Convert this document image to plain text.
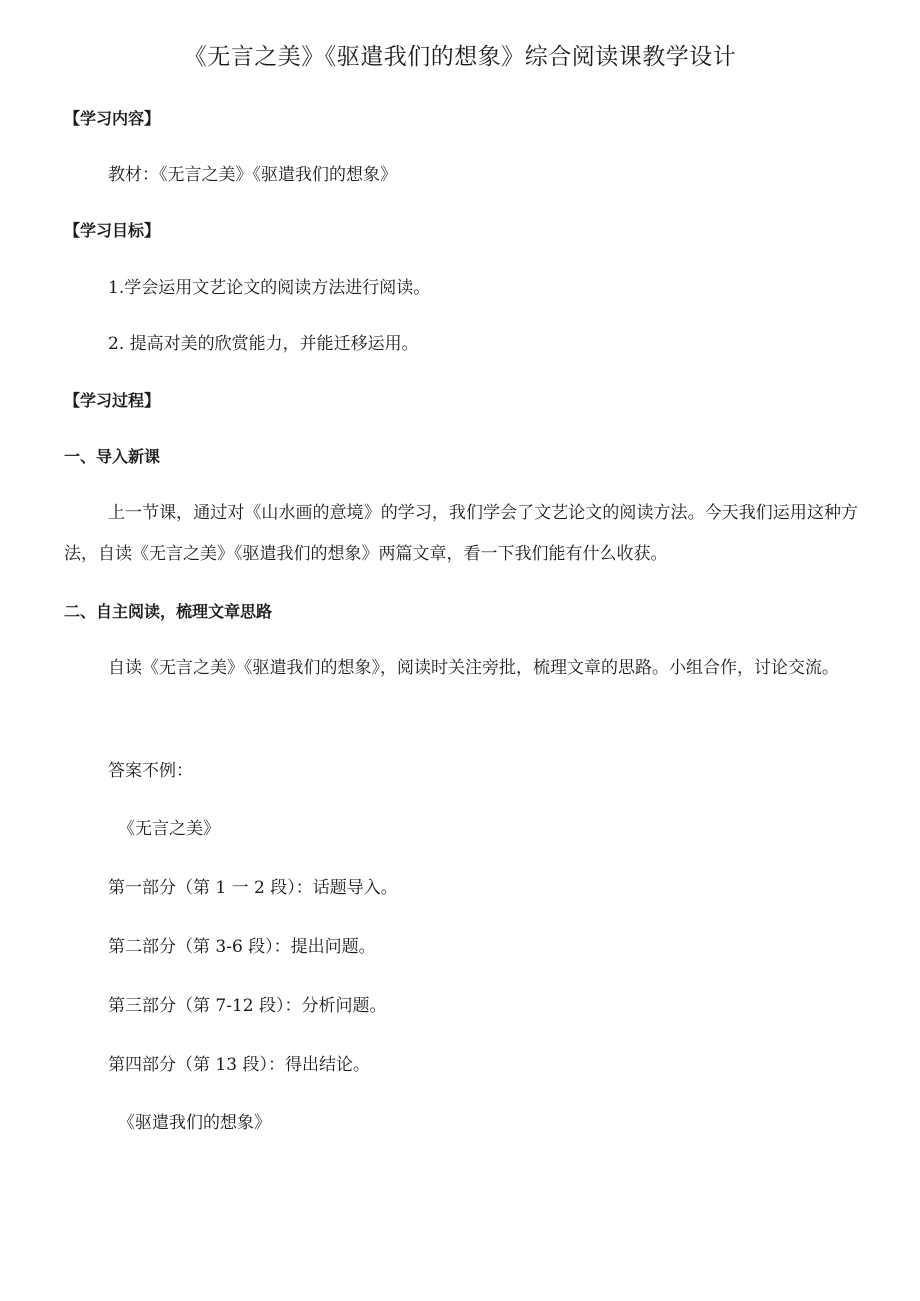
《无言之美》《驱遣我们的想象》综合阅读课教学设计
【学习内容】
教材：《无言之美》《驱遣我们的想象》
【学习目标】
1.学会运用文艺论文的阅读方法进行阅读。
2. 提高对美的欣赏能力，并能迁移运用。
【学习过程】
一、导入新课

上一节课，通过对《山水画的意境》的学习，我们学会了文艺论文的阅读方法。今天我们运用这种方法，自读《无言之美》《驱遣我们的想象》两篇文章，看一下我们能有什么收获。

二、自主阅读，梳理文章思路

自读《无言之美》《驱遣我们的想象》，阅读时关注旁批，梳理文章的思路。小组合作，讨论交流。

答案不例：
《无言之美》
第一部分（第 1 一 2 段）：话题导入。
第二部分（第 3-6 段）：提出问题。
第三部分（第 7-12 段）：分析问题。
第四部分（第 13 段）：得出结论。
《驱遣我们的想象》
